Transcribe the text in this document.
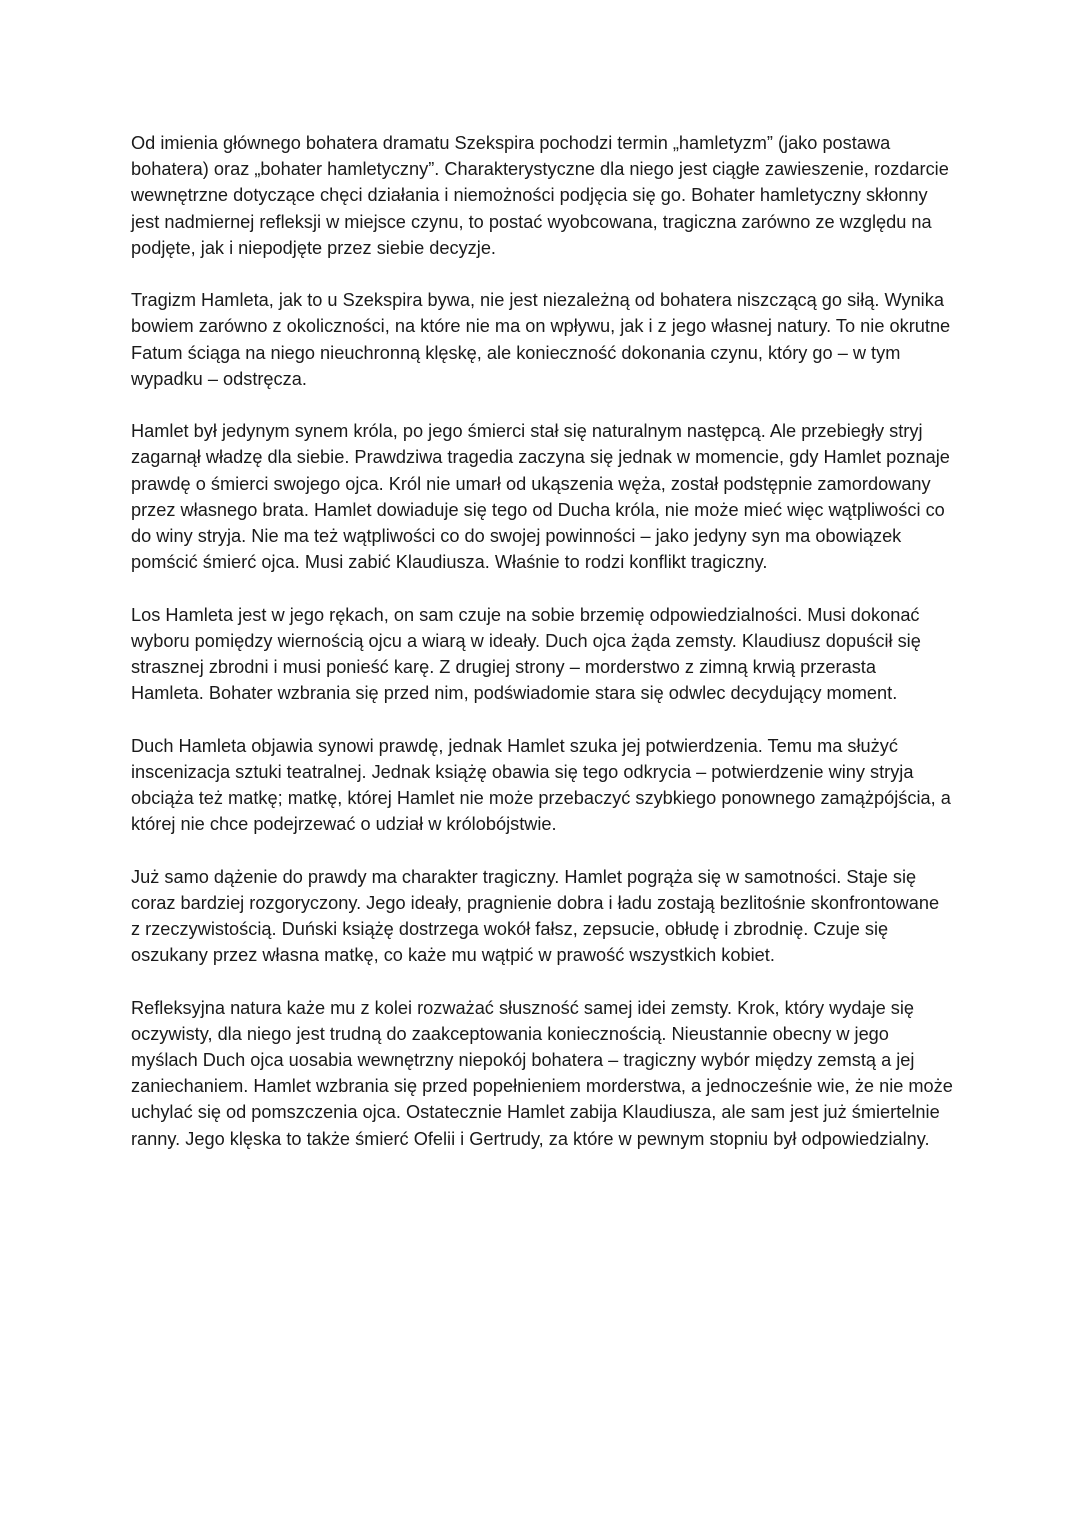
Od imienia głównego bohatera dramatu Szekspira pochodzi termin „hamletyzm” (jako postawa bohatera) oraz „bohater hamletyczny”. Charakterystyczne dla niego jest ciągłe zawieszenie, rozdarcie wewnętrzne dotyczące chęci działania i niemożności podjęcia się go. Bohater hamletyczny skłonny jest nadmiernej refleksji w miejsce czynu, to postać wyobcowana, tragiczna zarówno ze względu na podjęte, jak i niepodjęte przez siebie decyzje.

Tragizm Hamleta, jak to u Szekspira bywa, nie jest niezależną od bohatera niszczącą go siłą. Wynika bowiem zarówno z okoliczności, na które nie ma on wpływu, jak i z jego własnej natury. To nie okrutne Fatum ściąga na niego nieuchronną klęskę, ale konieczność dokonania czynu, który go – w tym wypadku – odstręcza.

Hamlet był jedynym synem króla, po jego śmierci stał się naturalnym następcą. Ale przebiegły stryj zagarnął władzę dla siebie. Prawdziwa tragedia zaczyna się jednak w momencie, gdy Hamlet poznaje prawdę o śmierci swojego ojca. Król nie umarł od ukąszenia węża, został podstępnie zamordowany przez własnego brata. Hamlet dowiaduje się tego od Ducha króla, nie może mieć więc wątpliwości co do winy stryja. Nie ma też wątpliwości co do swojej powinności – jako jedyny syn ma obowiązek pomścić śmierć ojca. Musi zabić Klaudiusza. Właśnie to rodzi konflikt tragiczny.

Los Hamleta jest w jego rękach, on sam czuje na sobie brzemię odpowiedzialności. Musi dokonać wyboru pomiędzy wiernością ojcu a wiarą w ideały. Duch ojca żąda zemsty. Klaudiusz dopuścił się strasznej zbrodni i musi ponieść karę. Z drugiej strony – morderstwo z zimną krwią przerasta Hamleta. Bohater wzbrania się przed nim, podświadomie stara się odwlec decydujący moment.

Duch Hamleta objawia synowi prawdę, jednak Hamlet szuka jej potwierdzenia. Temu ma służyć inscenizacja sztuki teatralnej. Jednak książę obawia się tego odkrycia – potwierdzenie winy stryja obciąża też matkę; matkę, której Hamlet nie może przebaczyć szybkiego ponownego zamążpójścia, a której nie chce podejrzewać o udział w królobójstwie.

Już samo dążenie do prawdy ma charakter tragiczny. Hamlet pogrąża się w samotności. Staje się coraz bardziej rozgoryczony. Jego ideały, pragnienie dobra i ładu zostają bezlitośnie skonfrontowane z rzeczywistością. Duński książę dostrzega wokół fałsz, zepsucie, obłudę i zbrodnię. Czuje się oszukany przez własna matkę, co każe mu wątpić w prawość wszystkich kobiet.

Refleksyjna natura każe mu z kolei rozważać słuszność samej idei zemsty. Krok, który wydaje się oczywisty, dla niego jest trudną do zaakceptowania koniecznością. Nieustannie obecny w jego myślach Duch ojca uosabia wewnętrzny niepokój bohatera – tragiczny wybór między zemstą a jej zaniechaniem. Hamlet wzbrania się przed popełnieniem morderstwa, a jednocześnie wie, że nie może uchylać się od pomszczenia ojca. Ostatecznie Hamlet zabija Klaudiusza, ale sam jest już śmiertelnie ranny. Jego klęska to także śmierć Ofelii i Gertrudy, za które w pewnym stopniu był odpowiedzialny.
